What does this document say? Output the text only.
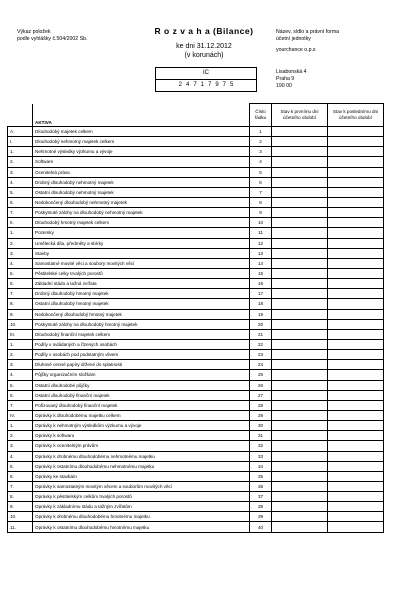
Výkaz položek
podle vyhlášky č.504/2002 Sb.
R o z v a h a (Bilance)
ke dni 31.12.2012
(v korunách)
Název, sídlo a právní forma
účetní jednotky
yourchance o.p.s
Lisabonská 4
Praha 9
190 00
IC
24717975
	AKTIVA	Číslo řádku	Stav k prvnímu dni účetního období	Stav k poslednímu dni účetního období
A.	Dlouhodobý majetek celkem	1		
I.	Dlouhodobý nehmotný majetek celkem	2		
1.	Nehmotné výsledky výzkumu a vývoje	3		
2.	Software	4		
3.	Ocenitelná práva	5		
4.	Drobný dlouhodobý nehmotný majetek	6		
5.	Ostatní dlouhodobý nehmotný majetek	7		
6.	Nedokončený dlouhodobý nehmotný majetek	8		
7.	Poskytnuté zálohy na dlouhodobý nehmotný majetek	9		
II.	Dlouhodobý hmotný majetek celkem	10		
1.	Pozemky	11		
2.	Umělecká díla, předměty a sbírky	12		
3.	Stavby	13		
4.	Samostatné movité věci a soubory movitých věcí	14		
5.	Pěstitelské celky trvalých porostů	15		
6.	Základní stádo a tažná zvířata	16		
7.	Drobný dlouhodobý hmotný majetek	17		
8.	Ostatní dlouhodobý hmotný majetek	18		
9.	Nedokončený dlouhodobý hmotný majetek	19		
10.	Poskytnuté zálohy na dlouhodobý hmotný majetek	20		
III.	Dlouhodobý finanční majetek celkem	21		
1.	Podíly v ovládaných a řízených osobách	22		
2.	Podíly v osobách pod podstatným vlivem	23		
3.	Dluhové cenné papíry držené do splatnosti	24		
4.	Půjčky organizačním složkám	25		
5.	Ostatní dlouhodobé půjčky	26		
6.	Ostatní dlouhodobý finanční majetek	27		
7.	Pořizovaný dlouhodobý finanční majetek	28		
IV.	Oprávky k dlouhodobému majetku celkem	29		
1.	Oprávky k nehmotným výsledkům výzkumu a vývoje	30		
2.	Oprávky k softwaru	31		
3.	Oprávky k ocenitelným právům	32		
4.	Oprávky k drobnému dlouhodobému nehmotnému majetku	33		
5.	Oprávky k ostatnímu dlouhodobému nehmotnému majetku	34		
6.	Oprávky ke stavbám	35		
7.	Oprávky k samostatným movitým věcem a souborům movitých věcí	36		
8.	Oprávky k pěstitelským celkům trvalých porostů	37		
9.	Oprávky k základnímu stádu a tažným zvířatům	38		
10.	Oprávky k drobnému dlouhodobému hmotnému majetku	39		
11.	Oprávky k ostatnímu dlouhodobému hmotnému majetku	40		
